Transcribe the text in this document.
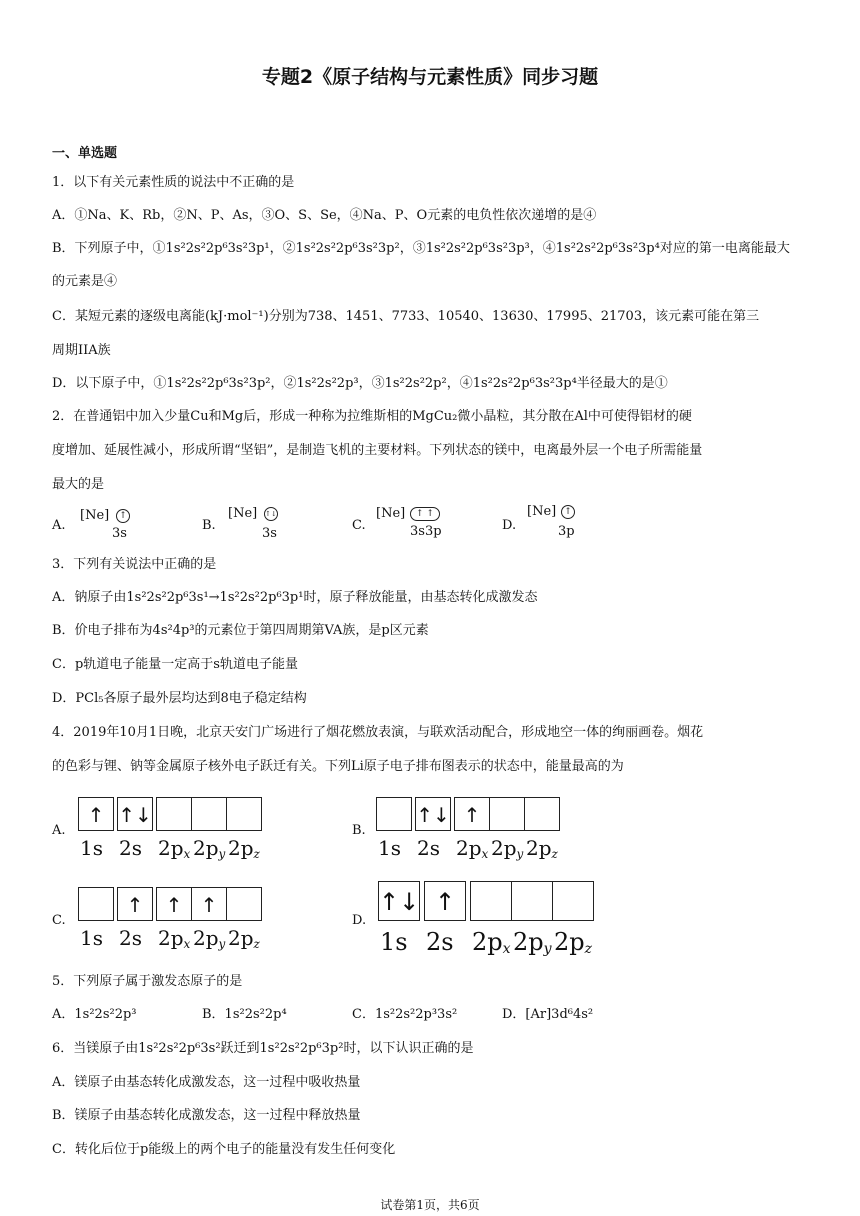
专题2《原子结构与元素性质》同步习题
一、单选题
1．以下有关元素性质的说法中不正确的是
A．①Na、K、Rb，②N、P、As，③O、S、Se，④Na、P、O元素的电负性依次递增的是④
B．下列原子中，①1s²2s²2p⁶3s²3p¹，②1s²2s²2p⁶3s²3p²，③1s²2s²2p⁶3s²3p³，④1s²2s²2p⁶3s²3p⁴对应的第一电离能最大
的元素是④
C．某短元素的逐级电离能(kJ·mol⁻¹)分别为738、1451、7733、10540、13630、17995、21703，该元素可能在第三
周期IIA族
D．以下原子中，①1s²2s²2p⁶3s²3p²，②1s²2s²2p³，③1s²2s²2p²，④1s²2s²2p⁶3s²3p⁴半径最大的是①
2．在普通铝中加入少量Cu和Mg后，形成一种称为拉维斯相的MgCu₂微小晶粒，其分散在Al中可使得铝材的硬
度增加、延展性减小，形成所谓“坚铝”，是制造飞机的主要材料。下列状态的镁中，电离最外层一个电子所需能量
最大的是
A.
[Ne]	↑
3s
B.
[Ne] ↑↓
3s
C.
[Ne]	↑ ↑
3s3p	D.
[Ne] ↑
3p
3．下列有关说法中正确的是
A．钠原子由1s²2s²2p⁶3s¹→1s²2s²2p⁶3p¹时，原子释放能量，由基态转化成激发态
B．价电子排布为4s²4p³的元素位于第四周期第VA族，是p区元素
C．p轨道电子能量一定高于s轨道电子能量
D．PCl₅各原子最外层均达到8电子稳定结构
4．2019年10月1日晚，北京天安门广场进行了烟花燃放表演，与联欢活动配合，形成地空一体的绚丽画卷。烟花
的色彩与锂、钠等金属原子核外电子跃迁有关。下列Li原子电子排布图表示的状态中，能量最高的为
A.
↑
1s
↑↓
2s $2p_x$ $2p_y$ $2p_z$
B.
1s
↑↓
2s
↑
$2p_x$ $2p_y$ $2p_z$
C.
1s
↑
2s
↑
$2p_x$
↑
$2p_y$ $2p_z$
D.
↑↓
1s
↑
2s $2p_x$ $2p_y$ $2p_z$
5．下列原子属于激发态原子的是
A．1s²2s²2p³	B．1s²2s²2p⁴	C．1s²2s²2p³3s²	D．[Ar]3d⁶4s²
6．当镁原子由1s²2s²2p⁶3s²跃迁到1s²2s²2p⁶3p²时，以下认识正确的是
A．镁原子由基态转化成激发态，这一过程中吸收热量
B．镁原子由基态转化成激发态，这一过程中释放热量
C．转化后位于p能级上的两个电子的能量没有发生任何变化
试卷第1页，共6页
